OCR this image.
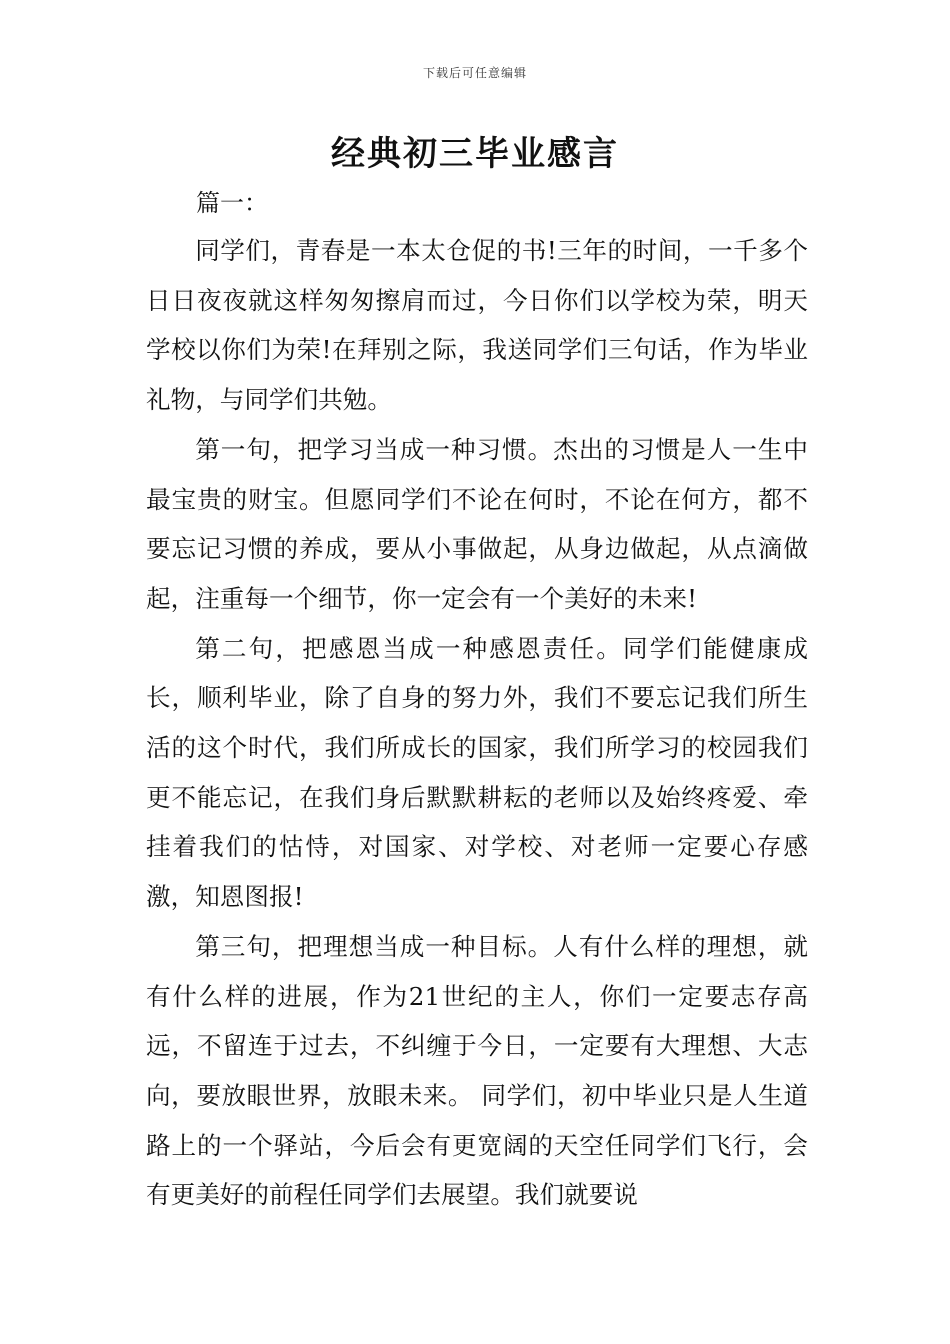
下载后可任意编辑
经典初三毕业感言
篇一：

同学们，青春是一本太仓促的书!三年的时间，一千多个日日夜夜就这样匆匆擦肩而过，今日你们以学校为荣，明天学校以你们为荣!在拜别之际，我送同学们三句话，作为毕业礼物，与同学们共勉。

第一句，把学习当成一种习惯。杰出的习惯是人一生中最宝贵的财宝。但愿同学们不论在何时，不论在何方，都不要忘记习惯的养成，要从小事做起，从身边做起，从点滴做起，注重每一个细节，你一定会有一个美好的未来!

第二句，把感恩当成一种感恩责任。同学们能健康成长，顺利毕业，除了自身的努力外，我们不要忘记我们所生活的这个时代，我们所成长的国家，我们所学习的校园我们更不能忘记，在我们身后默默耕耘的老师以及始终疼爱、牵挂着我们的怙恃，对国家、对学校、对老师一定要心存感激，知恩图报!

第三句，把理想当成一种目标。人有什么样的理想，就有什么样的进展，作为21世纪的主人，你们一定要志存高远，不留连于过去，不纠缠于今日，一定要有大理想、大志向，要放眼世界，放眼未来。 同学们，初中毕业只是人生道路上的一个驿站，今后会有更宽阔的天空任同学们飞行，会有更美好的前程任同学们去展望。我们就要说
